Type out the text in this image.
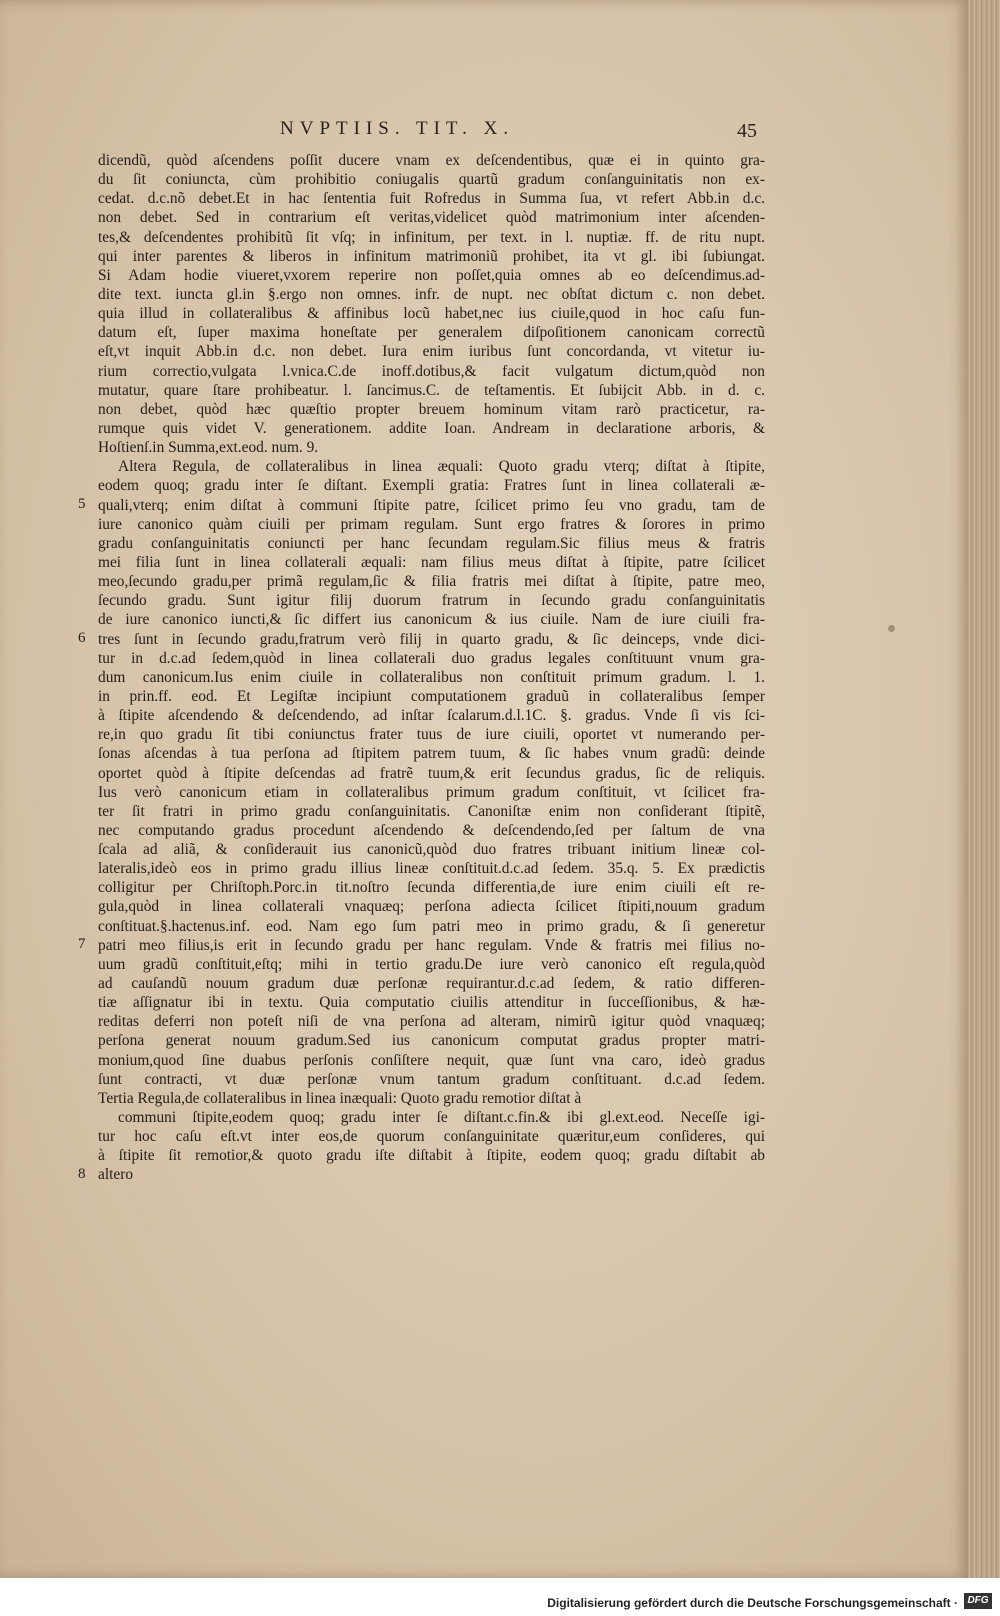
NVPTIIS. TIT. X.	45
dicendũ, quòd aſcendens poſſit ducere vnam ex deſcendentibus, quæ ei in quinto gra-
du ſit coniuncta, cùm prohibitio coniugalis quartũ gradum conſanguinitatis non ex-
cedat. d.c.nõ debet.Et in hac ſententia fuit Rofredus in Summa ſua, vt refert Abb.in d.c.
non debet. Sed in contrarium eſt veritas,videlicet quòd matrimonium inter aſcenden-
tes,& deſcendentes prohibitũ ſit vſq; in infinitum, per text. in l. nuptiæ. ff. de ritu nupt.
qui inter parentes & liberos in infinitum matrimoniũ prohibet, ita vt gl. ibi ſubiungat.
Si Adam hodie viueret,vxorem reperire non poſſet,quia omnes ab eo deſcendimus.ad-
dite text. iuncta gl.in §.ergo non omnes. infr. de nupt. nec obſtat dictum c. non debet.
quia illud in collateralibus & affinibus locũ habet,nec ius ciuile,quod in hoc caſu fun-
datum eſt, ſuper maxima honeſtate per generalem diſpoſitionem canonicam correctũ
eſt,vt inquit Abb.in d.c. non debet. Iura enim iuribus ſunt concordanda, vt vitetur iu-
rium correctio,vulgata l.vnica.C.de inoff.dotibus,& facit vulgatum dictum,quòd non
mutatur, quare ſtare prohibeatur. l. ſancimus.C. de teſtamentis. Et ſubijcit Abb. in d. c.
non debet, quòd hæc quæſtio propter breuem hominum vitam rarò practicetur, ra-
rumque quis videt V. generationem. addite Ioan. Andream in declaratione arboris, &
Hoſtienſ.in Summa,ext.eod. num. 9.
Altera Regula, de collateralibus in linea æquali: Quoto gradu vterq; diſtat à ſtipite,
eodem quoq; gradu inter ſe diſtant. Exempli gratia: Fratres ſunt in linea collaterali æ-
quali,vterq; enim diſtat à communi ſtipite patre, ſcilicet primo ſeu vno gradu, tam de
iure canonico quàm ciuili per primam regulam. Sunt ergo fratres & ſorores in primo
gradu conſanguinitatis coniuncti per hanc ſecundam regulam.Sic filius meus & fratris
mei filia ſunt in linea collaterali æquali: nam filius meus diſtat à ſtipite, patre ſcilicet
meo,ſecundo gradu,per primã regulam,ſic & filia fratris mei diſtat à ſtipite, patre meo,
ſecundo gradu. Sunt igitur filij duorum fratrum in ſecundo gradu conſanguinitatis
de iure canonico iuncti,& ſic differt ius canonicum & ius ciuile. Nam de iure ciuili fra-
tres ſunt in ſecundo gradu,fratrum verò filij in quarto gradu, & ſic deinceps, vnde dici-
tur in d.c.ad ſedem,quòd in linea collaterali duo gradus legales conſtituunt vnum gra-
dum canonicum.Ius enim ciuile in collateralibus non conſtituit primum gradum. l. 1.
in prin.ff. eod. Et Legiſtæ incipiunt computationem graduũ in collateralibus ſemper
à ſtipite aſcendendo & deſcendendo, ad inſtar ſcalarum.d.l.1C. §. gradus. Vnde ſi vis ſci-
re,in quo gradu ſit tibi coniunctus frater tuus de iure ciuili, oportet vt numerando per-
ſonas aſcendas à tua perſona ad ſtipitem patrem tuum, & ſic habes vnum gradũ: deinde
oportet quòd à ſtipite deſcendas ad fratrẽ tuum,& erit ſecundus gradus, ſic de reliquis.
Ius verò canonicum etiam in collateralibus primum gradum conſtituit, vt ſcilicet fra-
ter ſit fratri in primo gradu conſanguinitatis. Canoniſtæ enim non conſiderant ſtipitẽ,
nec computando gradus procedunt aſcendendo & deſcendendo,ſed per ſaltum de vna
ſcala ad aliã, & conſiderauit ius canonicũ,quòd duo fratres tribuant initium lineæ col-
lateralis,ideò eos in primo gradu illius lineæ conſtituit.d.c.ad ſedem. 35.q. 5. Ex prædictis
colligitur per Chriſtoph.Porc.in tit.noſtro ſecunda differentia,de iure enim ciuili eſt re-
gula,quòd in linea collaterali vnaquæq; perſona adiecta ſcilicet ſtipiti,nouum gradum
conſtituat.§.hactenus.inf. eod. Nam ego ſum patri meo in primo gradu, & ſi generetur
patri meo filius,is erit in ſecundo gradu per hanc regulam. Vnde & fratris mei filius no-
uum gradũ conſtituit,eſtq; mihi in tertio gradu.De iure verò canonico eſt regula,quòd
ad cauſandũ nouum gradum duæ perſonæ requirantur.d.c.ad ſedem, & ratio differen-
tiæ aſſignatur ibi in textu. Quia computatio ciuilis attenditur in ſucceſſionibus, & hæ-
reditas deferri non poteſt niſi de vna perſona ad alteram, nimirũ igitur quòd vnaquæq;
perſona generat nouum gradum.Sed ius canonicum computat gradus propter matri-
monium,quod ſine duabus perſonis conſiſtere nequit, quæ ſunt vna caro, ideò gradus
ſunt contracti, vt duæ perſonæ vnum tantum gradum conſtituant. d.c.ad ſedem.
Tertia Regula,de collateralibus in linea inæquali: Quoto gradu remotior diſtat à
communi ſtipite,eodem quoq; gradu inter ſe diſtant.c.fin.& ibi gl.ext.eod. Neceſſe igi-
tur hoc caſu eſt.vt inter eos,de quorum conſanguinitate quæritur,eum conſideres, qui
à ſtipite ſit remotior,& quoto gradu iſte diſtabit à ſtipite, eodem quoq; gradu diſtabit ab
altero
5
6
7
8
Digitalisierung gefördert durch die Deutsche Forschungsgemeinschaft · DFG
